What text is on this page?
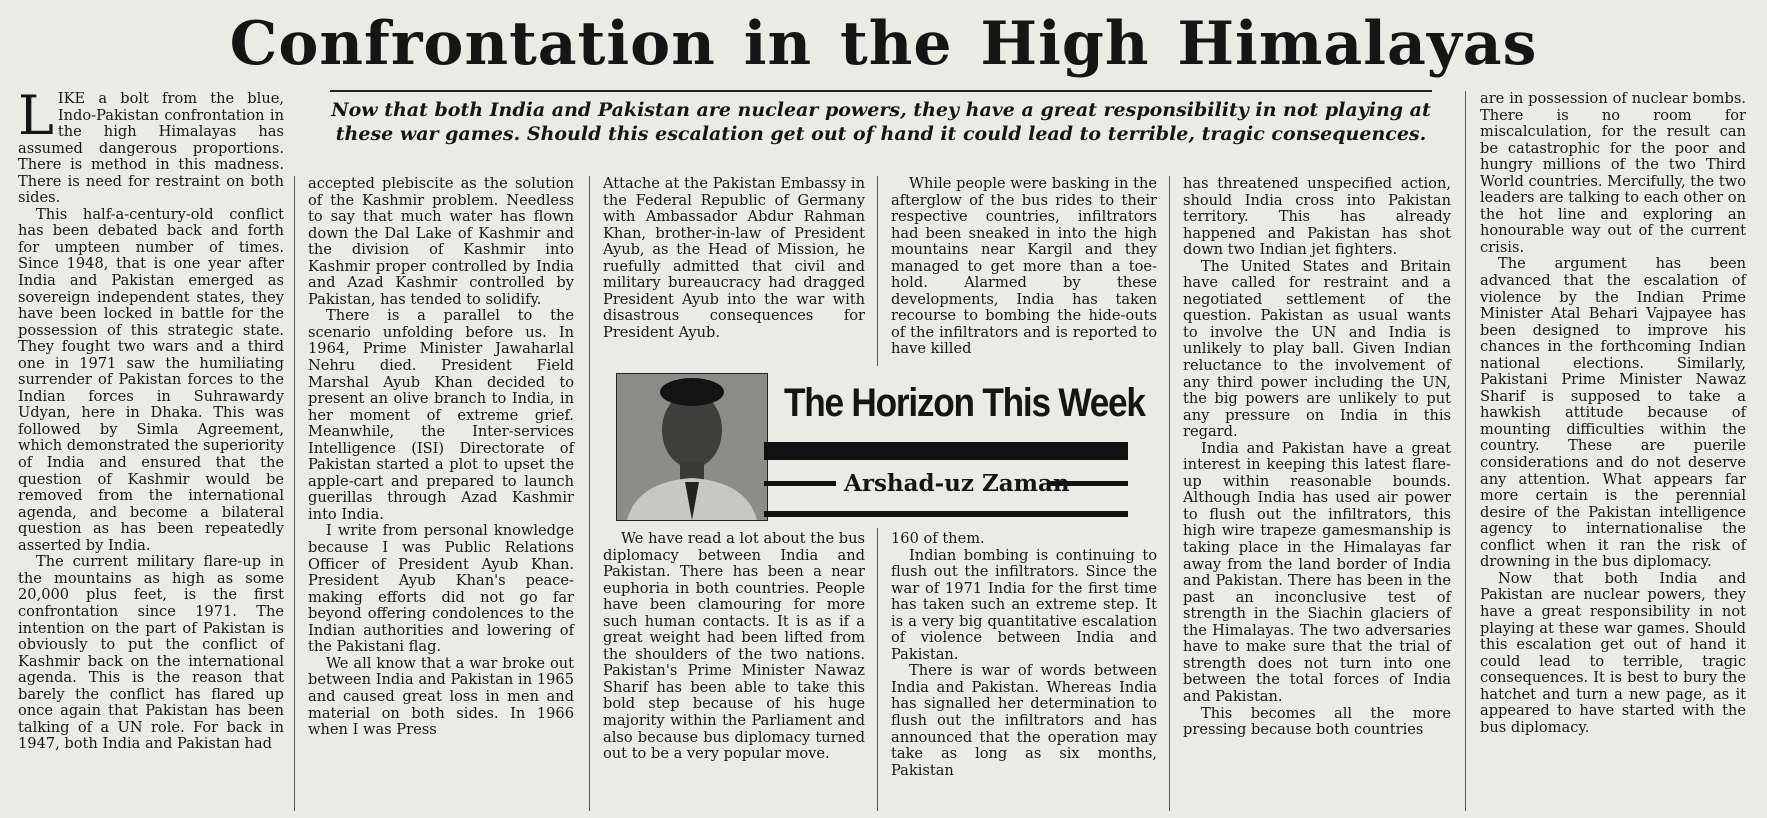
Confrontation in the High Himalayas
Now that both India and Pakistan are nuclear powers, they have a great responsibility in not playing at these war games. Should this escalation get out of hand it could lead to terrible, tragic consequences.

LIKE a bolt from the blue, Indo-Pakistan confrontation in the high Himalayas has assumed dangerous proportions. There is method in this madness. There is need for restraint on both sides.

This half-a-century-old conflict has been debated back and forth for umpteen number of times. Since 1948, that is one year after India and Pakistan emerged as sovereign independent states, they have been locked in battle for the possession of this strategic state. They fought two wars and a third one in 1971 saw the humiliating surrender of Pakistan forces to the Indian forces in Suhrawardy Udyan, here in Dhaka. This was followed by Simla Agreement, which demonstrated the superiority of India and ensured that the question of Kashmir would be removed from the international agenda, and become a bilateral question as has been repeatedly asserted by India.

The current military flare-up in the mountains as high as some 20,000 plus feet, is the first confrontation since 1971. The intention on the part of Pakistan is obviously to put the conflict of Kashmir back on the international agenda. This is the reason that barely the conflict has flared up once again that Pakistan has been talking of a UN role. For back in 1947, both India and Pakistan had

accepted plebiscite as the solution of the Kashmir problem. Needless to say that much water has flown down the Dal Lake of Kashmir and the division of Kashmir into Kashmir proper controlled by India and Azad Kashmir controlled by Pakistan, has tended to solidify.

There is a parallel to the scenario unfolding before us. In 1964, Prime Minister Jawaharlal Nehru died. President Field Marshal Ayub Khan decided to present an olive branch to India, in her moment of extreme grief. Meanwhile, the Inter-services Intelligence (ISI) Directorate of Pakistan started a plot to upset the apple-cart and prepared to launch guerillas through Azad Kashmir into India.

I write from personal knowledge because I was Public Relations Officer of President Ayub Khan. President Ayub Khan's peace-making efforts did not go far beyond offering condolences to the Indian authorities and lowering of the Pakistani flag.

We all know that a war broke out between India and Pakistan in 1965 and caused great loss in men and material on both sides. In 1966 when I was Press

Attache at the Pakistan Embassy in the Federal Republic of Germany with Ambassador Abdur Rahman Khan, brother-in-law of President Ayub, as the Head of Mission, he ruefully admitted that civil and military bureaucracy had dragged President Ayub into the war with disastrous consequences for President Ayub.

While people were basking in the afterglow of the bus rides to their respective countries, infiltrators had been sneaked in into the high mountains near Kargil and they managed to get more than a toe-hold. Alarmed by these developments, India has taken recourse to bombing the hide-outs of the infiltrators and is reported to have killed

The Horizon This Week
Arshad-uz Zaman

We have read a lot about the bus diplomacy between India and Pakistan. There has been a near euphoria in both countries. People have been clamouring for more such human contacts. It is as if a great weight had been lifted from the shoulders of the two nations. Pakistan's Prime Minister Nawaz Sharif has been able to take this bold step because of his huge majority within the Parliament and also because bus diplomacy turned out to be a very popular move.

160 of them.

Indian bombing is continuing to flush out the infiltrators. Since the war of 1971 India for the first time has taken such an extreme step. It is a very big quantitative escalation of violence between India and Pakistan.

There is war of words between India and Pakistan. Whereas India has signalled her determination to flush out the infiltrators and has announced that the operation may take as long as six months, Pakistan

has threatened unspecified action, should India cross into Pakistan territory. This has already happened and Pakistan has shot down two Indian jet fighters.

The United States and Britain have called for restraint and a negotiated settlement of the question. Pakistan as usual wants to involve the UN and India is unlikely to play ball. Given Indian reluctance to the involvement of any third power including the UN, the big powers are unlikely to put any pressure on India in this regard.

India and Pakistan have a great interest in keeping this latest flare-up within reasonable bounds. Although India has used air power to flush out the infiltrators, this high wire trapeze gamesmanship is taking place in the Himalayas far away from the land border of India and Pakistan. There has been in the past an inconclusive test of strength in the Siachin glaciers of the Himalayas. The two adversaries have to make sure that the trial of strength does not turn into one between the total forces of India and Pakistan.

This becomes all the more pressing because both countries

are in possession of nuclear bombs. There is no room for miscalculation, for the result can be catastrophic for the poor and hungry millions of the two Third World countries. Mercifully, the two leaders are talking to each other on the hot line and exploring an honourable way out of the current crisis.

The argument has been advanced that the escalation of violence by the Indian Prime Minister Atal Behari Vajpayee has been designed to improve his chances in the forthcoming Indian national elections. Similarly, Pakistani Prime Minister Nawaz Sharif is supposed to take a hawkish attitude because of mounting difficulties within the country. These are puerile considerations and do not deserve any attention. What appears far more certain is the perennial desire of the Pakistan intelligence agency to internationalise the conflict when it ran the risk of drowning in the bus diplomacy.

Now that both India and Pakistan are nuclear powers, they have a great responsibility in not playing at these war games. Should this escalation get out of hand it could lead to terrible, tragic consequences. It is best to bury the hatchet and turn a new page, as it appeared to have started with the bus diplomacy.
